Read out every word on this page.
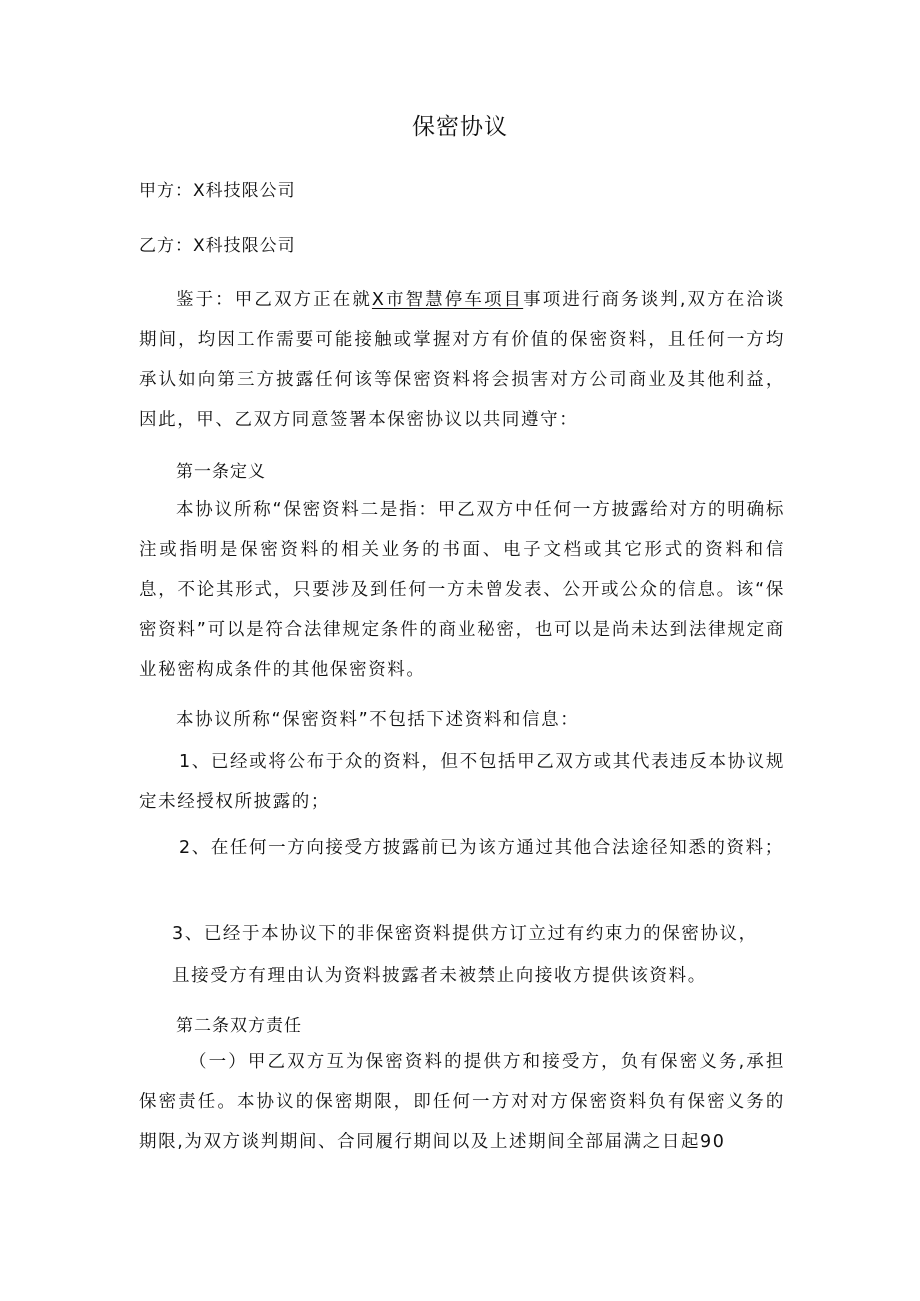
保密协议
甲方：X科技限公司
乙方：X科技限公司

鉴于：甲乙双方正在就X市智慧停车项目事项进行商务谈判,双方在洽谈期间，均因工作需要可能接触或掌握对方有价值的保密资料，且任何一方均承认如向第三方披露任何该等保密资料将会损害对方公司商业及其他利益，因此，甲、乙双方同意签署本保密协议以共同遵守：

第一条定义

本协议所称“保密资料二是指：甲乙双方中任何一方披露给对方的明确标注或指明是保密资料的相关业务的书面、电子文档或其它形式的资料和信息，不论其形式，只要涉及到任何一方未曾发表、公开或公众的信息。该“保密资料”可以是符合法律规定条件的商业秘密，也可以是尚未达到法律规定商业秘密构成条件的其他保密资料。

本协议所称“保密资料”不包括下述资料和信息：

1、已经或将公布于众的资料，但不包括甲乙双方或其代表违反本协议规定未经授权所披露的；

2、在任何一方向接受方披露前已为该方通过其他合法途径知悉的资料；

3、已经于本协议下的非保密资料提供方订立过有约束力的保密协议，

且接受方有理由认为资料披露者未被禁止向接收方提供该资料。

第二条双方责任

（一）甲乙双方互为保密资料的提供方和接受方，负有保密义务,承担保密责任。本协议的保密期限，即任何一方对对方保密资料负有保密义务的期限,为双方谈判期间、合同履行期间以及上述期间全部届满之日起90
